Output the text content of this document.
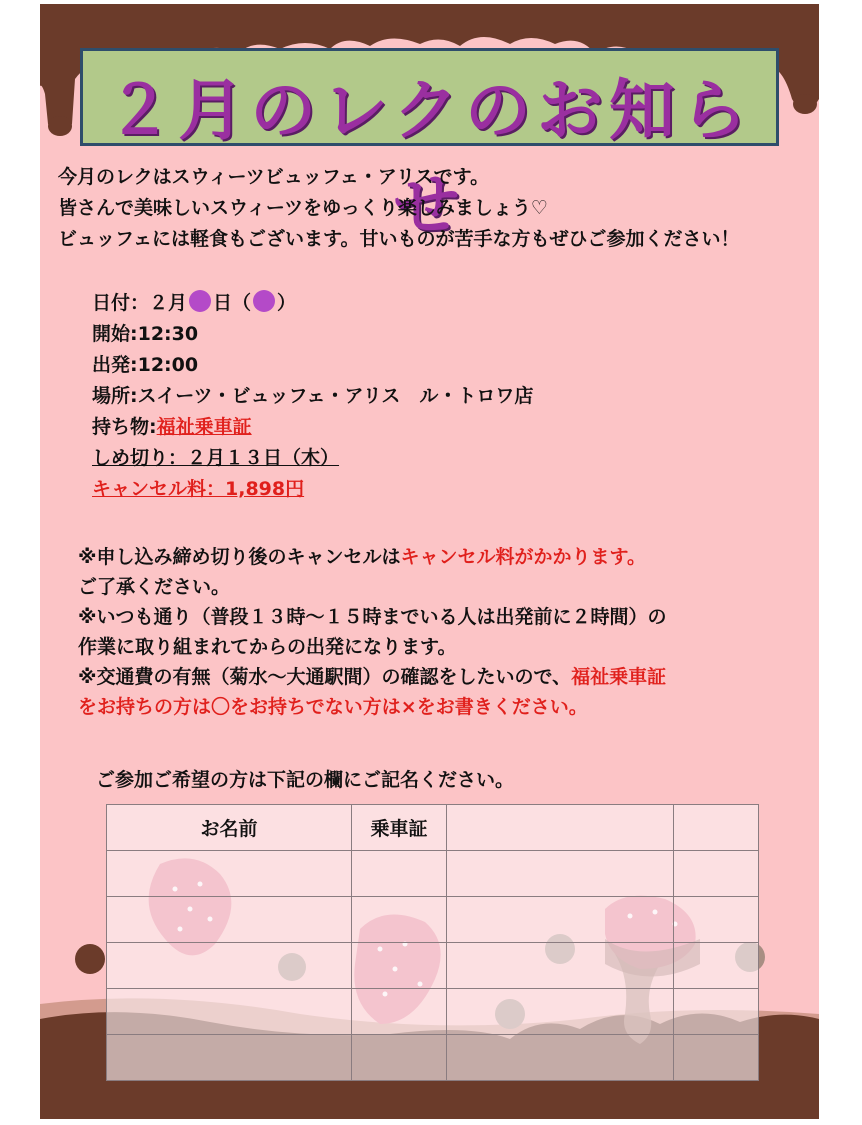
２月のレクのお知らせ
今月のレクはスウィーツビュッフェ・アリスです。
皆さんで美味しいスウィーツをゆっくり楽しみましょう♡
ビュッフェには軽食もございます。甘いものが苦手な方もぜひご参加ください！
日付：２月 日（ ）
開始:12:30
出発:12:00
場所:スイーツ・ビュッフェ・アリス　ル・トロワ店
持ち物:福祉乗車証
しめ切り：２月１３日（木）
キャンセル料：1,898円
※申し込み締め切り後のキャンセルはキャンセル料がかかります。
ご了承ください。
※いつも通り（普段１３時～１５時までいる人は出発前に２時間）の
作業に取り組まれてからの出発になります。
※交通費の有無（菊水～大通駅間）の確認をしたいので、福祉乗車証
をお持ちの方は〇をお持ちでない方は×をお書きください。
ご参加ご希望の方は下記の欄にご記名ください。
お名前	乗車証		
